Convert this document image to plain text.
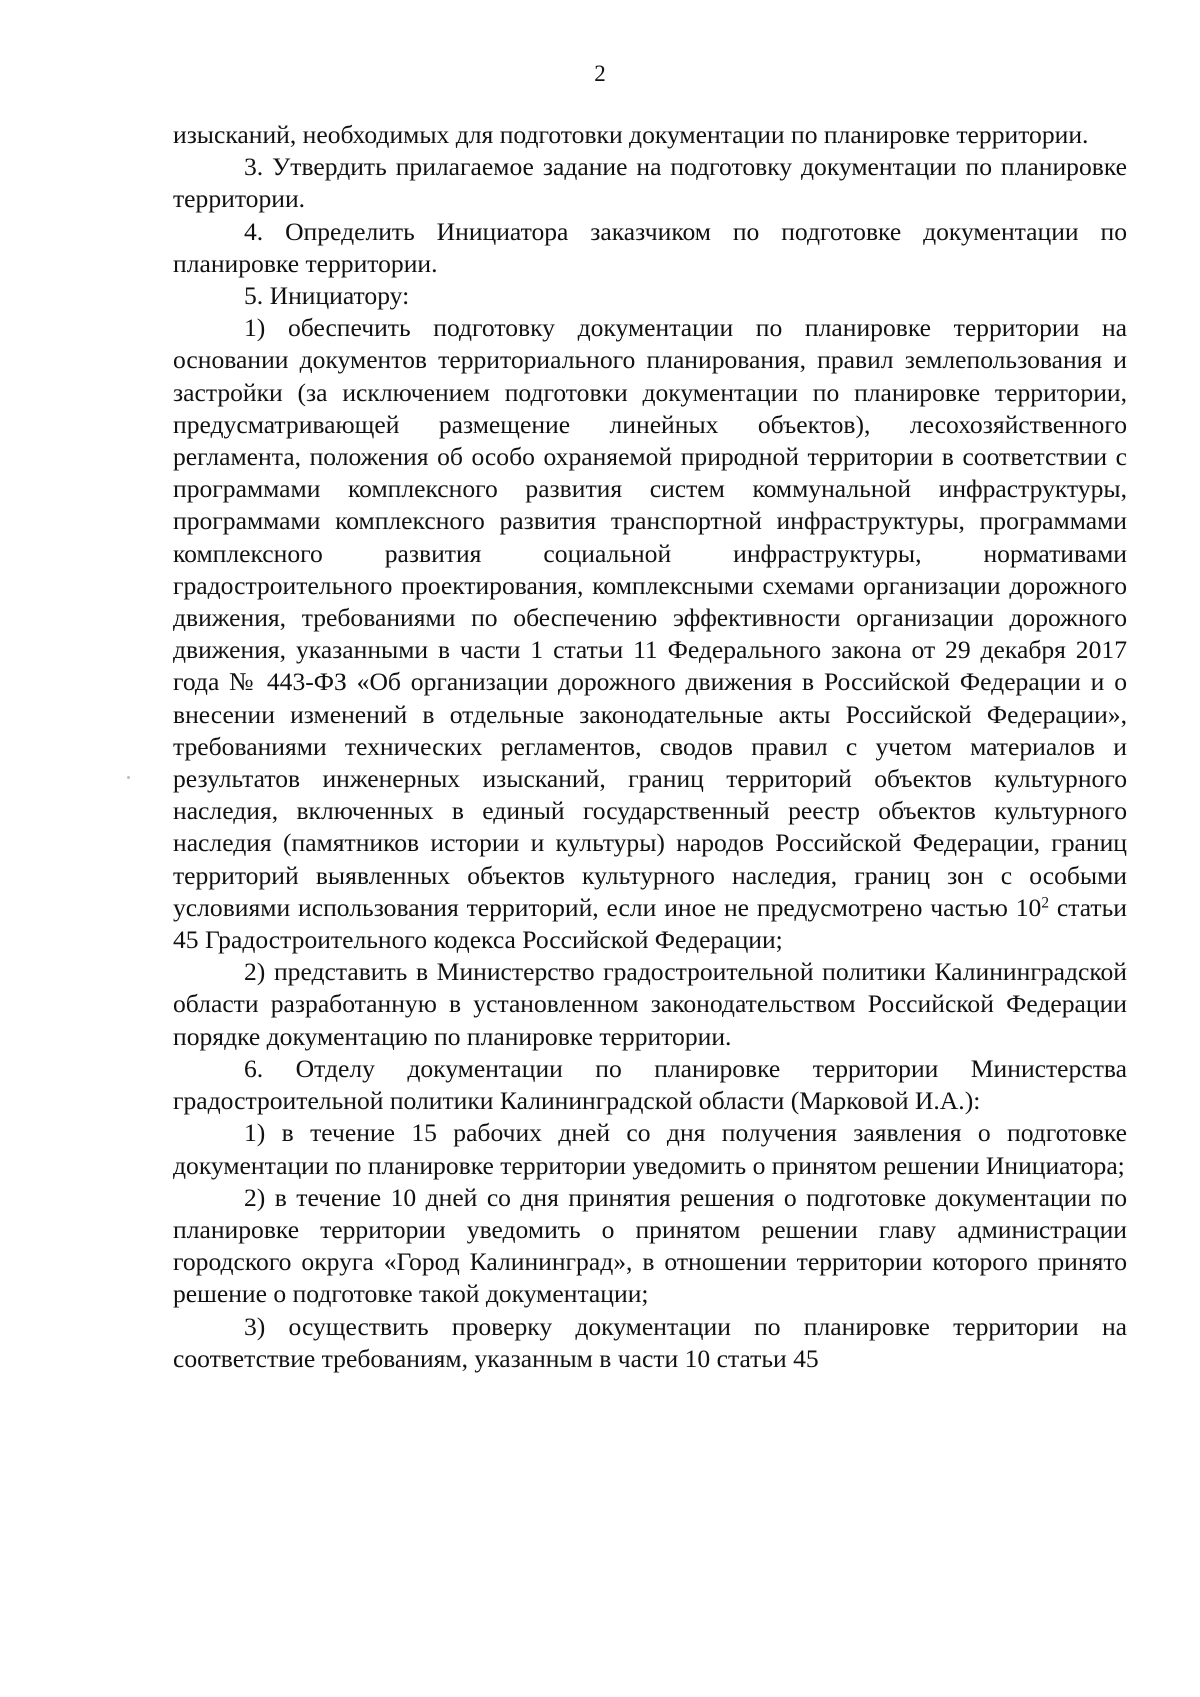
2

изысканий, необходимых для подготовки документации по планировке территории.

3. Утвердить прилагаемое задание на подготовку документации по планировке территории.

4. Определить Инициатора заказчиком по подготовке документации по планировке территории.

5. Инициатору:

1) обеспечить подготовку документации по планировке территории на основании документов территориального планирования, правил землепользования и застройки (за исключением подготовки документации по планировке территории, предусматривающей размещение линейных объектов), лесохозяйственного регламента, положения об особо охраняемой природной территории в соответствии с программами комплексного развития систем коммунальной инфраструктуры, программами комплексного развития транспортной инфраструктуры, программами комплексного развития социальной инфраструктуры, нормативами градостроительного проектирования, комплексными схемами организации дорожного движения, требованиями по обеспечению эффективности организации дорожного движения, указанными в части 1 статьи 11 Федерального закона от 29 декабря 2017 года № 443-ФЗ «Об организации дорожного движения в Российской Федерации и о внесении изменений в отдельные законодательные акты Российской Федерации», требованиями технических регламентов, сводов правил с учетом материалов и результатов инженерных изысканий, границ территорий объектов культурного наследия, включенных в единый государственный реестр объектов культурного наследия (памятников истории и культуры) народов Российской Федерации, границ территорий выявленных объектов культурного наследия, границ зон с особыми условиями использования территорий, если иное не предусмотрено частью $10^2$ статьи 45 Градостроительного кодекса Российской Федерации;

2) представить в Министерство градостроительной политики Калининградской области разработанную в установленном законодательством Российской Федерации порядке документацию по планировке территории.

6. Отделу документации по планировке территории Министерства градостроительной политики Калининградской области (Марковой И.А.):

1) в течение 15 рабочих дней со дня получения заявления о подготовке документации по планировке территории уведомить о принятом решении Инициатора;

2) в течение 10 дней со дня принятия решения о подготовке документации по планировке территории уведомить о принятом решении главу администрации городского округа «Город Калининград», в отношении территории которого принято решение о подготовке такой документации;

3) осуществить проверку документации по планировке территории на соответствие требованиям, указанным в части 10 статьи 45
